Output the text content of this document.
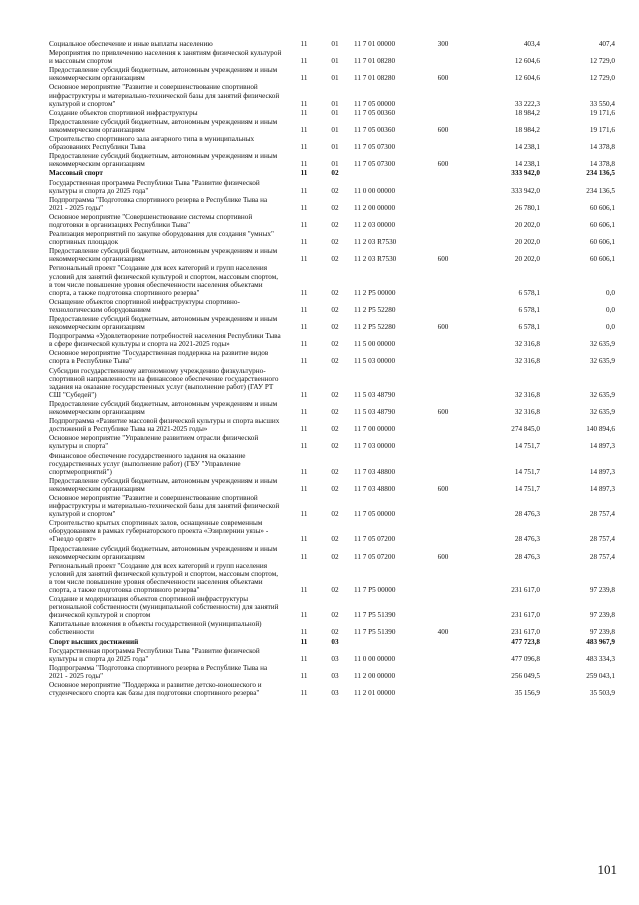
Социальное обеспечение и иные выплаты населению	11	01	11 7 01 00000	300	403,4	407,4
Мероприятия по привлечению населения к занятиям физической культурой и массовым спортом	11	01	11 7 01 08280		12 604,6	12 729,0
Предоставление субсидий бюджетным, автономным учреждениям и иным некоммерческим организациям	11	01	11 7 01 08280	600	12 604,6	12 729,0
Основное мероприятие "Развитие и совершенствование спортивной инфраструктуры и материально-технической базы для занятий физической культурой и спортом"	11	01	11 7 05 00000		33 222,3	33 550,4
Создание объектов спортивной инфраструктуры	11	01	11 7 05 00360		18 984,2	19 171,6
Предоставление субсидий бюджетным, автономным учреждениям и иным некоммерческим организациям	11	01	11 7 05 00360	600	18 984,2	19 171,6
Строительство спортивного зала ангарного типа в муниципальных образованиях Республики Тыва	11	01	11 7 05 07300		14 238,1	14 378,8
Предоставление субсидий бюджетным, автономным учреждениям и иным некоммерческим организациям	11	01	11 7 05 07300	600	14 238,1	14 378,8
Массовый спорт	11	02			333 942,0	234 136,5
Государственная программа Республики Тыва "Развитие физической культуры и спорта до 2025 года"	11	02	11 0 00 00000		333 942,0	234 136,5
Подпрограмма "Подготовка спортивного резерва в Республике Тыва на 2021 - 2025 годы"	11	02	11 2 00 00000		26 780,1	60 606,1
Основное мероприятие "Совершенствование системы спортивной подготовки в организациях Республики Тыва"	11	02	11 2 03 00000		20 202,0	60 606,1
Реализация мероприятий по закупке оборудования для создания "умных" спортивных площадок	11	02	11 2 03 R7530		20 202,0	60 606,1
Предоставление субсидий бюджетным, автономным учреждениям и иным некоммерческим организациям	11	02	11 2 03 R7530	600	20 202,0	60 606,1
Региональный проект "Создание для всех категорий и групп населения условий для занятий физической культурой и спортом, массовым спортом, в том числе повышение уровня обеспеченности населения объектами спорта, а также подготовка спортивного резерва"	11	02	11 2 P5 00000		6 578,1	0,0
Оснащение объектов спортивной инфраструктуры спортивно-технологическим оборудованием	11	02	11 2 P5 52280		6 578,1	0,0
Предоставление субсидий бюджетным, автономным учреждениям и иным некоммерческим организациям	11	02	11 2 P5 52280	600	6 578,1	0,0
Подпрограмма «Удовлетворение потребностей населения Республики Тыва в сфере физической культуры и спорта на 2021-2025 годы»	11	02	11 5 00 00000		32 316,8	32 635,9
Основное мероприятие "Государственная поддержка на развитие видов спорта в Республике Тыва"	11	02	11 5 03 00000		32 316,8	32 635,9
Субсидии государственному автономному учреждению физкультурно-спортивной направленности на финансовое обеспечение государственного задания на оказание государственных услуг (выполнение работ) (ГАУ РТ СШ "Субедей")	11	02	11 5 03 48790		32 316,8	32 635,9
Предоставление субсидий бюджетным, автономным учреждениям и иным некоммерческим организациям	11	02	11 5 03 48790	600	32 316,8	32 635,9
Подпрограмма «Развитие массовой физической культуры и спорта высших достижений в Республике Тыва на 2021-2025 годы»	11	02	11 7 00 00000		274 845,0	140 894,6
Основное мероприятие "Управление развитием отрасли физической культуры и спорта"	11	02	11 7 03 00000		14 751,7	14 897,3
Финансовое обеспечение государственного задания на оказание государственных услуг (выполнение работ) (ГБУ "Управление спортмероприятий")	11	02	11 7 03 48800		14 751,7	14 897,3
Предоставление субсидий бюджетным, автономным учреждениям и иным некоммерческим организациям	11	02	11 7 03 48800	600	14 751,7	14 897,3
Основное мероприятие "Развитие и совершенствование спортивной инфраструктуры и материально-технической базы для занятий физической культурой и спортом"	11	02	11 7 05 00000		28 476,3	28 757,4
Строительство крытых спортивных залов, оснащенные современным оборудованием в рамках губернаторского проекта «Эзирлернин уязы» - «Гнездо орлят»	11	02	11 7 05 07200		28 476,3	28 757,4
Предоставление субсидий бюджетным, автономным учреждениям и иным некоммерческим организациям	11	02	11 7 05 07200	600	28 476,3	28 757,4
Региональный проект "Создание для всех категорий и групп населения условий для занятий физической культурой и спортом, массовым спортом, в том числе повышение уровня обеспеченности населения объектами спорта, а также подготовка спортивного резерва"	11	02	11 7 P5 00000		231 617,0	97 239,8
Создание и модернизация объектов спортивной инфраструктуры региональной собственности (муниципальной собственности) для занятий физической культурой и спортом	11	02	11 7 P5 51390		231 617,0	97 239,8
Капитальные вложения в объекты государственной (муниципальной) собственности	11	02	11 7 P5 51390	400	231 617,0	97 239,8
Спорт высших достижений	11	03			477 723,8	483 967,9
Государственная программа Республики Тыва "Развитие физической культуры и спорта до 2025 года"	11	03	11 0 00 00000		477 096,8	483 334,3
Подпрограмма "Подготовка спортивного резерва в Республике Тыва на 2021 - 2025 годы"	11	03	11 2 00 00000		256 049,5	259 043,1
Основное мероприятие "Поддержка и развитие детско-юношеского и студенческого спорта как базы для подготовки спортивного резерва"	11	03	11 2 01 00000		35 156,9	35 503,9
101
